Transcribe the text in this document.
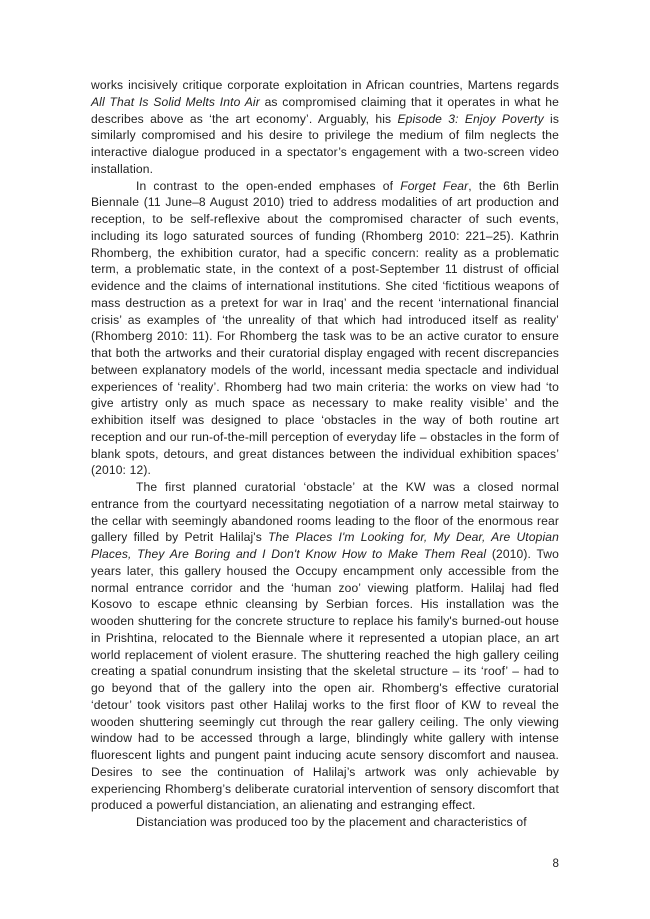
works incisively critique corporate exploitation in African countries, Martens regards All That Is Solid Melts Into Air as compromised claiming that it operates in what he describes above as ‘the art economy’. Arguably, his Episode 3: Enjoy Poverty is similarly compromised and his desire to privilege the medium of film neglects the interactive dialogue produced in a spectator’s engagement with a two-screen video installation.

In contrast to the open-ended emphases of Forget Fear, the 6th Berlin Biennale (11 June–8 August 2010) tried to address modalities of art production and reception, to be self-reflexive about the compromised character of such events, including its logo saturated sources of funding (Rhomberg 2010: 221–25). Kathrin Rhomberg, the exhibition curator, had a specific concern: reality as a problematic term, a problematic state, in the context of a post-September 11 distrust of official evidence and the claims of international institutions. She cited ‘fictitious weapons of mass destruction as a pretext for war in Iraq’ and the recent ‘international financial crisis’ as examples of ‘the unreality of that which had introduced itself as reality’ (Rhomberg 2010: 11). For Rhomberg the task was to be an active curator to ensure that both the artworks and their curatorial display engaged with recent discrepancies between explanatory models of the world, incessant media spectacle and individual experiences of ‘reality’. Rhomberg had two main criteria: the works on view had ‘to give artistry only as much space as necessary to make reality visible’ and the exhibition itself was designed to place ‘obstacles in the way of both routine art reception and our run-of-the-mill perception of everyday life – obstacles in the form of blank spots, detours, and great distances between the individual exhibition spaces’ (2010: 12).

The first planned curatorial ‘obstacle’ at the KW was a closed normal entrance from the courtyard necessitating negotiation of a narrow metal stairway to the cellar with seemingly abandoned rooms leading to the floor of the enormous rear gallery filled by Petrit Halilaj's The Places I'm Looking for, My Dear, Are Utopian Places, They Are Boring and I Don't Know How to Make Them Real (2010). Two years later, this gallery housed the Occupy encampment only accessible from the normal entrance corridor and the ‘human zoo’ viewing platform. Halilaj had fled Kosovo to escape ethnic cleansing by Serbian forces. His installation was the wooden shuttering for the concrete structure to replace his family's burned-out house in Prishtina, relocated to the Biennale where it represented a utopian place, an art world replacement of violent erasure. The shuttering reached the high gallery ceiling creating a spatial conundrum insisting that the skeletal structure – its ‘roof’ – had to go beyond that of the gallery into the open air. Rhomberg's effective curatorial ‘detour’ took visitors past other Halilaj works to the first floor of KW to reveal the wooden shuttering seemingly cut through the rear gallery ceiling. The only viewing window had to be accessed through a large, blindingly white gallery with intense fluorescent lights and pungent paint inducing acute sensory discomfort and nausea. Desires to see the continuation of Halilaj’s artwork was only achievable by experiencing Rhomberg’s deliberate curatorial intervention of sensory discomfort that produced a powerful distanciation, an alienating and estranging effect.

Distanciation was produced too by the placement and characteristics of

8
